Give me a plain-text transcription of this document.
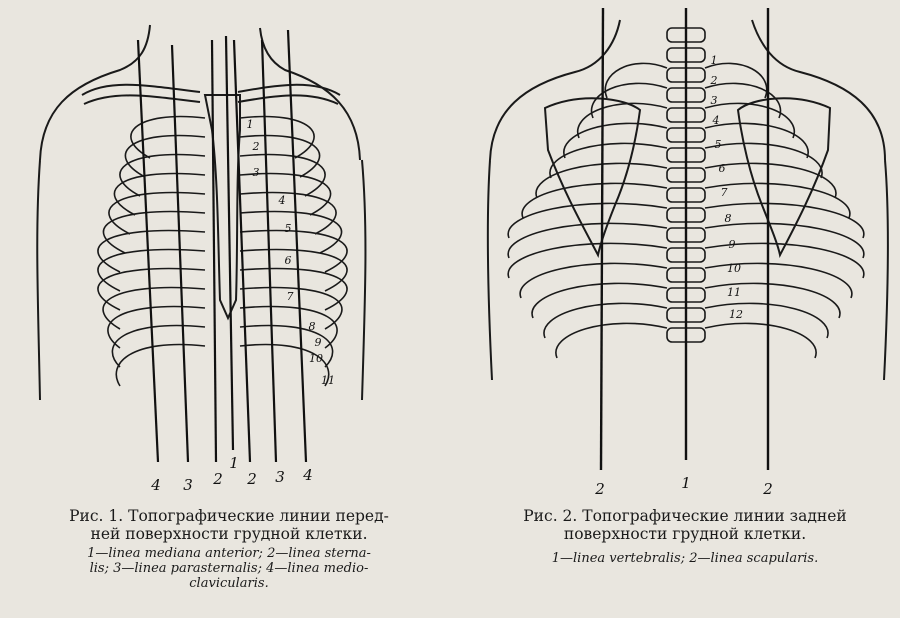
4 3 2
1
2 3 4
1
2
3
4
5
6
7
8
9
10
11
2	1	2
1
2
3
4
5
6
7
8
9
10
11
12
Рис. 1. Топографические линии перед-
ней поверхности грудной клетки.
1—linea mediana anterior; 2—linea sterna-
lis; 3—linea parasternalis; 4—linea medio-
clavicularis.
Рис. 2. Топографические линии задней
поверхности грудной клетки.
1—linea vertebralis; 2—linea scapularis.
